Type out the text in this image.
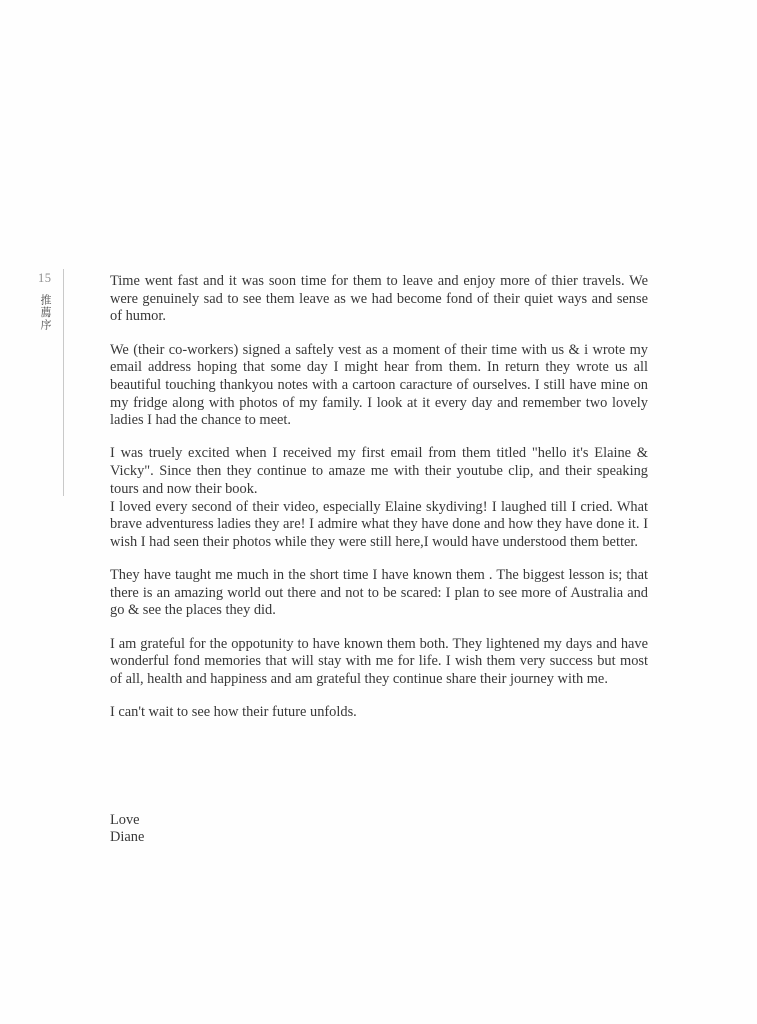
15
推薦序
Time went fast and it was soon time for them to leave and enjoy more of thier travels. We were genuinely sad to see them leave as we had become fond of their quiet ways and sense of humor.
We (their co-workers) signed a saftely vest as a moment of their time with us & i wrote my email address hoping that some day I might hear from them. In return they wrote us all beautiful touching thankyou notes with a cartoon caracture of ourselves. I still have mine on my fridge along with photos of my family. I look at it every day and remember two lovely ladies I had the chance to meet.
I was truely excited when I received my first email from them titled "hello it's Elaine & Vicky". Since then they continue to amaze me with their youtube clip, and their speaking tours and now their book.
I loved every second of their video, especially Elaine skydiving! I laughed till I cried. What brave adventuress ladies they are! I admire what they have done and how they have done it. I wish I had seen their photos while they were still here,I would have understood them better.
They have taught me much in the short time I have known them . The biggest lesson is; that there is an amazing world out there and not to be scared: I plan to see more of Australia and go & see the places they did.
I am grateful for the oppotunity to have known them both. They lightened my days and have wonderful fond memories that will stay with me for life. I wish them very success but most of all, health and happiness and am grateful they continue share their journey with me.
I can't wait to see how their future unfolds.
Love
Diane
